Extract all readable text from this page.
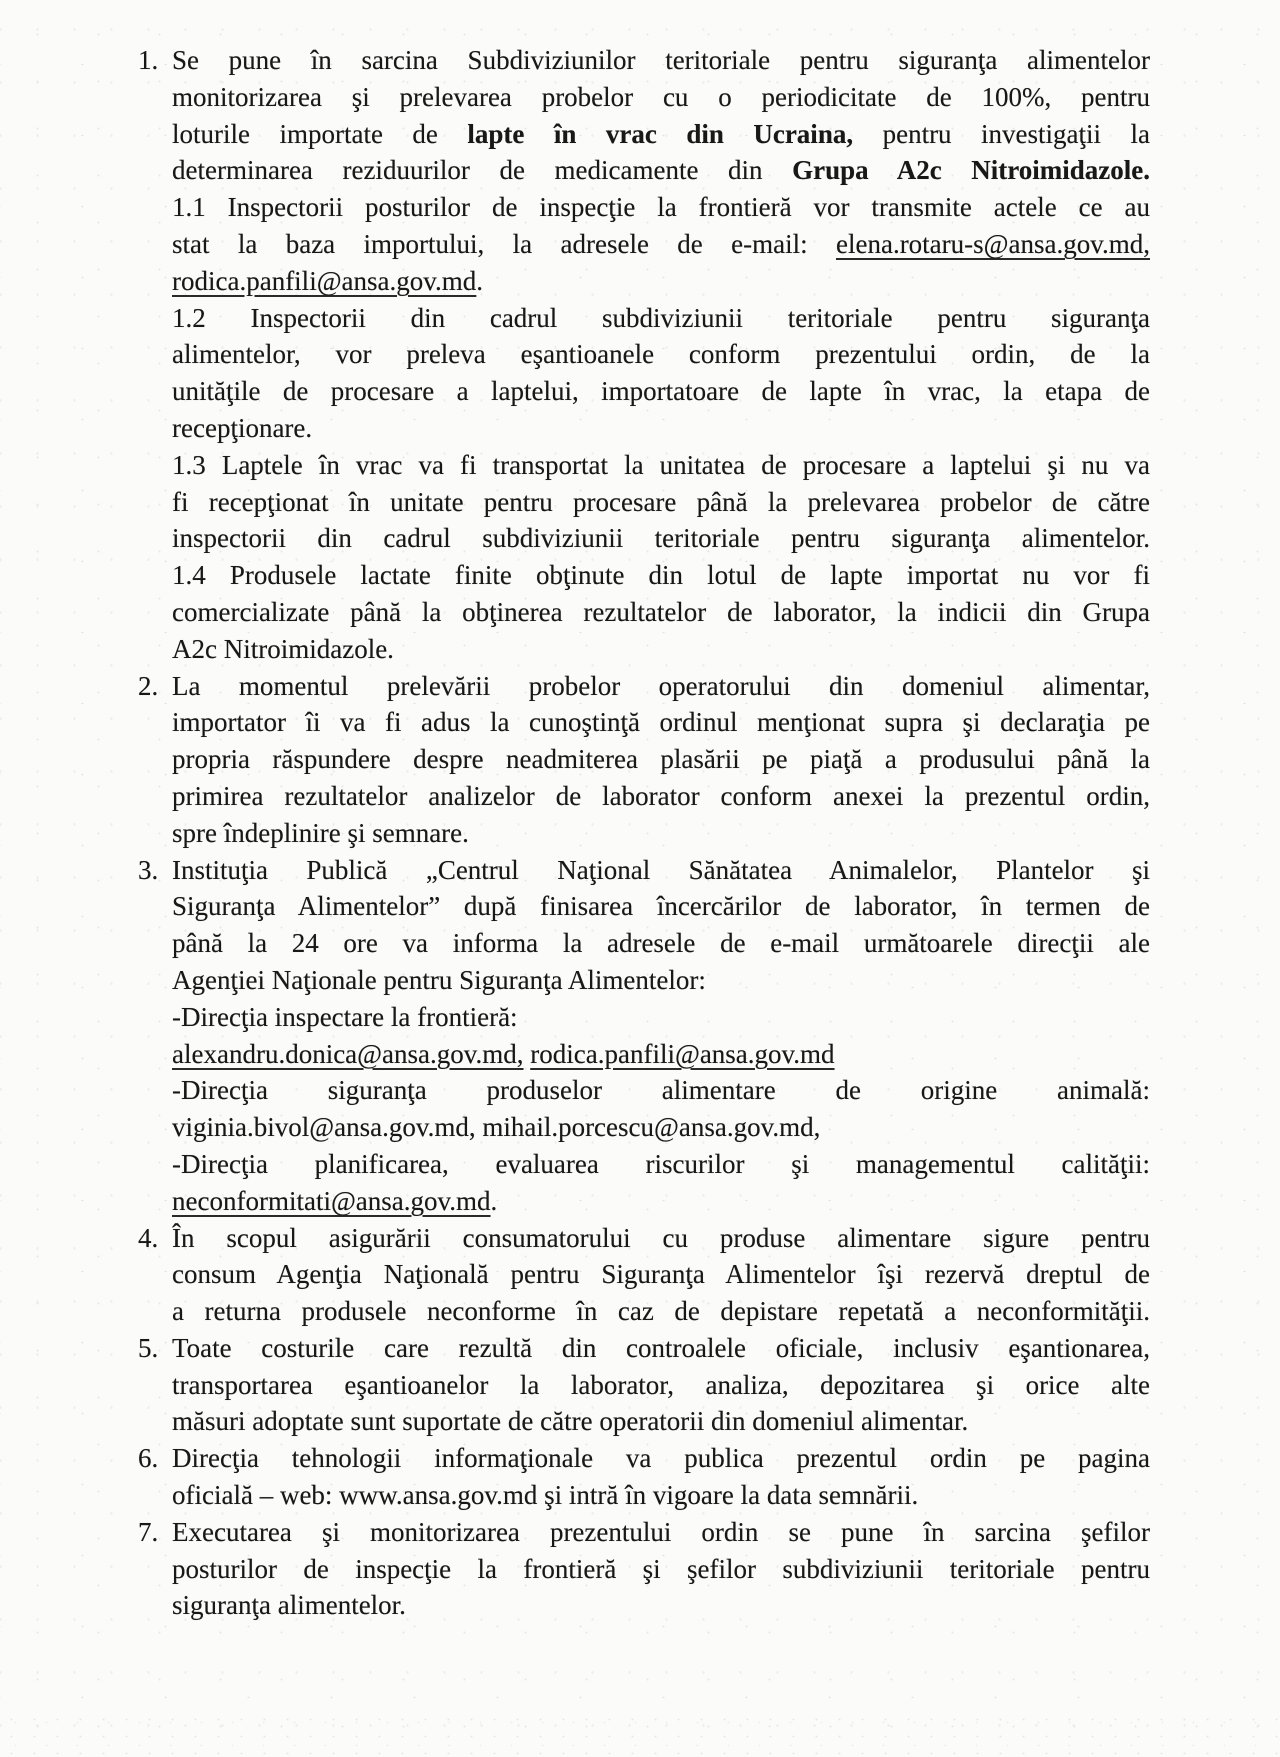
1. Se pune în sarcina Subdiviziunilor teritoriale pentru siguranţa alimentelor
monitorizarea şi prelevarea probelor cu o periodicitate de 100%, pentru
loturile importate de lapte în vrac din Ucraina, pentru investigaţii la
determinarea reziduurilor de medicamente din Grupa A2c Nitroimidazole.
1.1 Inspectorii posturilor de inspecţie la frontieră vor transmite actele ce au
stat la baza importului, la adresele de e-mail: elena.rotaru-s@ansa.gov.md,
rodica.panfili@ansa.gov.md.
1.2 Inspectorii din cadrul subdiviziunii teritoriale pentru siguranţa
alimentelor, vor preleva eşantioanele conform prezentului ordin, de la
unităţile de procesare a laptelui, importatoare de lapte în vrac, la etapa de
recepţionare.
1.3 Laptele în vrac va fi transportat la unitatea de procesare a laptelui şi nu va
fi recepţionat în unitate pentru procesare până la prelevarea probelor de către
inspectorii din cadrul subdiviziunii teritoriale pentru siguranţa alimentelor.
1.4 Produsele lactate finite obţinute din lotul de lapte importat nu vor fi
comercializate până la obţinerea rezultatelor de laborator, la indicii din Grupa
A2c Nitroimidazole.
2. La momentul prelevării probelor operatorului din domeniul alimentar,
importator îi va fi adus la cunoştinţă ordinul menţionat supra şi declaraţia pe
propria răspundere despre neadmiterea plasării pe piaţă a produsului până la
primirea rezultatelor analizelor de laborator conform anexei la prezentul ordin,
spre îndeplinire şi semnare.
3. Instituţia Publică „Centrul Naţional Sănătatea Animalelor, Plantelor şi
Siguranţa Alimentelor” după finisarea încercărilor de laborator, în termen de
până la 24 ore va informa la adresele de e-mail următoarele direcţii ale
Agenţiei Naţionale pentru Siguranţa Alimentelor:
-Direcţia inspectare la frontieră:
alexandru.donica@ansa.gov.md, rodica.panfili@ansa.gov.md
-Direcţia siguranţa produselor alimentare de origine animală:
viginia.bivol@ansa.gov.md, mihail.porcescu@ansa.gov.md,
-Direcţia planificarea, evaluarea riscurilor şi managementul calităţii:
neconformitati@ansa.gov.md.
4. În scopul asigurării consumatorului cu produse alimentare sigure pentru
consum Agenţia Naţională pentru Siguranţa Alimentelor îşi rezervă dreptul de
a returna produsele neconforme în caz de depistare repetată a neconformităţii.
5. Toate costurile care rezultă din controalele oficiale, inclusiv eşantionarea,
transportarea eşantioanelor la laborator, analiza, depozitarea şi orice alte
măsuri adoptate sunt suportate de către operatorii din domeniul alimentar.
6. Direcţia tehnologii informaţionale va publica prezentul ordin pe pagina
oficială – web: www.ansa.gov.md şi intră în vigoare la data semnării.
7. Executarea şi monitorizarea prezentului ordin se pune în sarcina şefilor
posturilor de inspecţie la frontieră şi şefilor subdiviziunii teritoriale pentru
siguranţa alimentelor.
